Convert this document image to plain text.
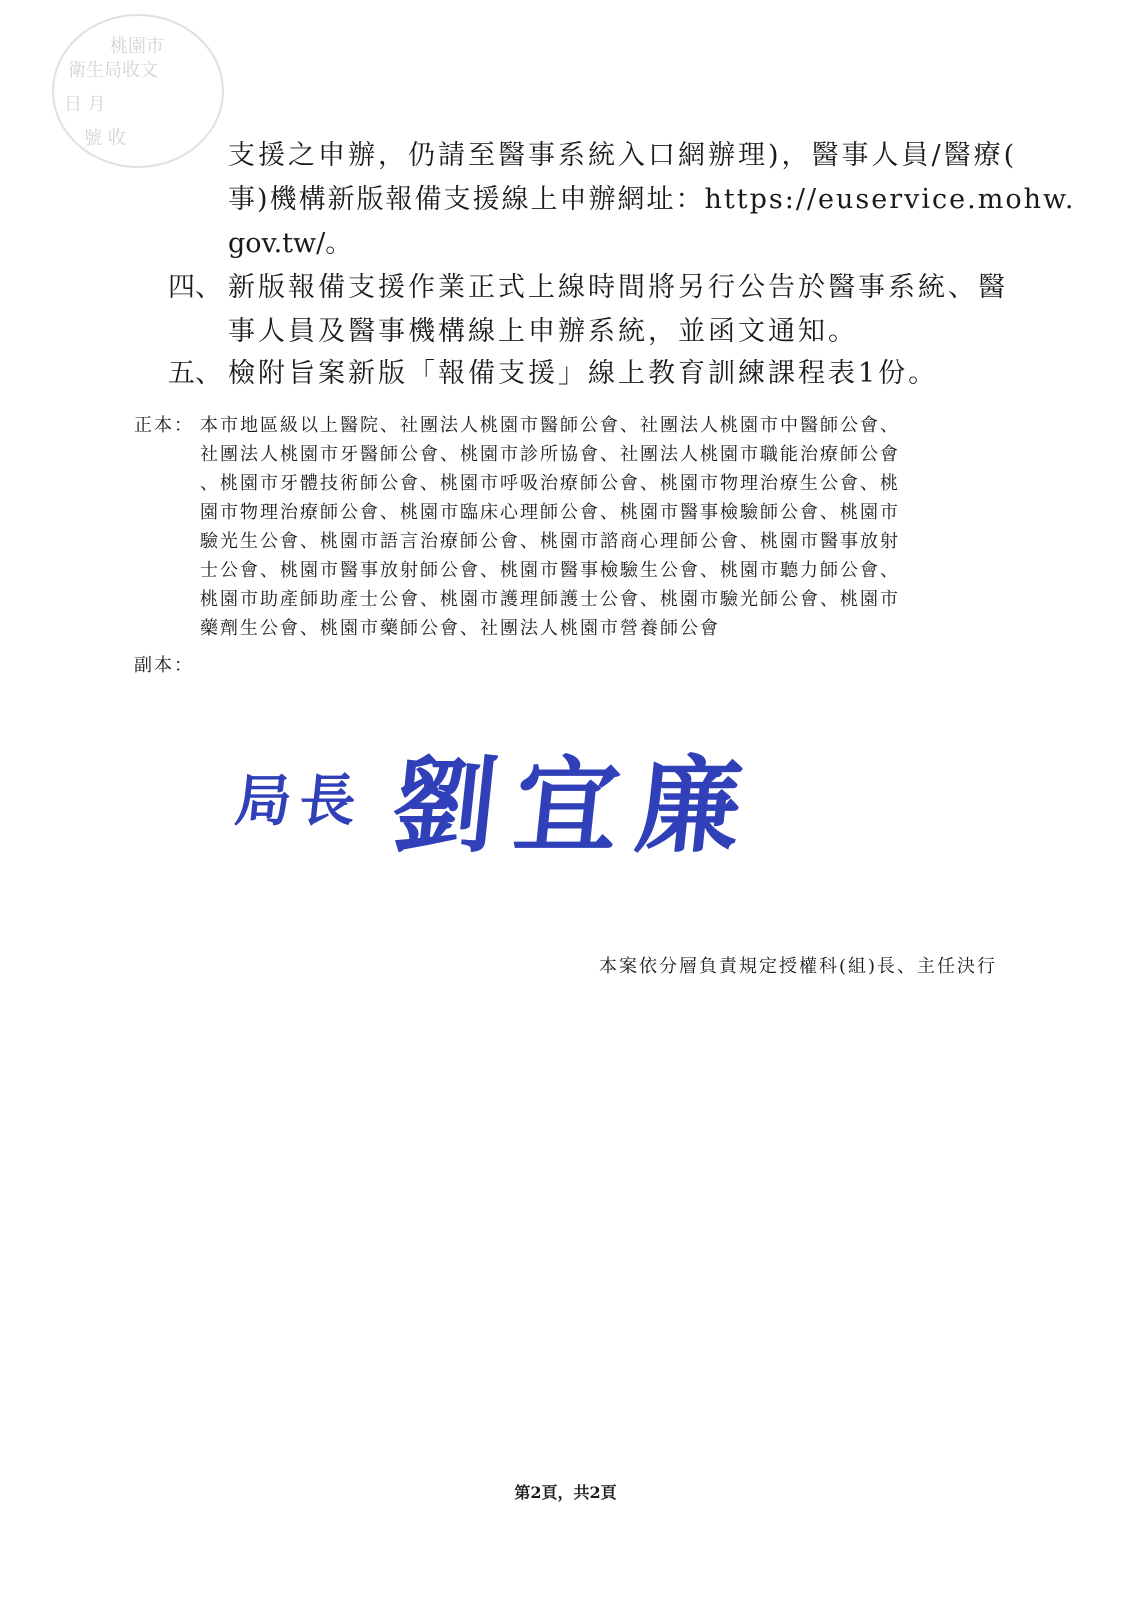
桃園市
衛生局收文
日 月
號 收
支援之申辦，仍請至醫事系統入口網辦理)，醫事人員/醫療(
事)機構新版報備支援線上申辦網址：https://euservice.mohw.
gov.tw/。
四、 新版報備支援作業正式上線時間將另行公告於醫事系統、醫
事人員及醫事機構線上申辦系統，並函文通知。
五、 檢附旨案新版「報備支援」線上教育訓練課程表1份。
正本： 本市地區級以上醫院、社團法人桃園市醫師公會、社團法人桃園市中醫師公會、
社團法人桃園市牙醫師公會、桃園市診所協會、社團法人桃園市職能治療師公會
、桃園市牙體技術師公會、桃園市呼吸治療師公會、桃園市物理治療生公會、桃
園市物理治療師公會、桃園市臨床心理師公會、桃園市醫事檢驗師公會、桃園市
驗光生公會、桃園市語言治療師公會、桃園市諮商心理師公會、桃園市醫事放射
士公會、桃園市醫事放射師公會、桃園市醫事檢驗生公會、桃園市聽力師公會、
桃園市助產師助產士公會、桃園市護理師護士公會、桃園市驗光師公會、桃園市
藥劑生公會、桃園市藥師公會、社團法人桃園市營養師公會
副本：
局長 劉宜廉
本案依分層負責規定授權科(組)長、主任決行
第2頁，共2頁
